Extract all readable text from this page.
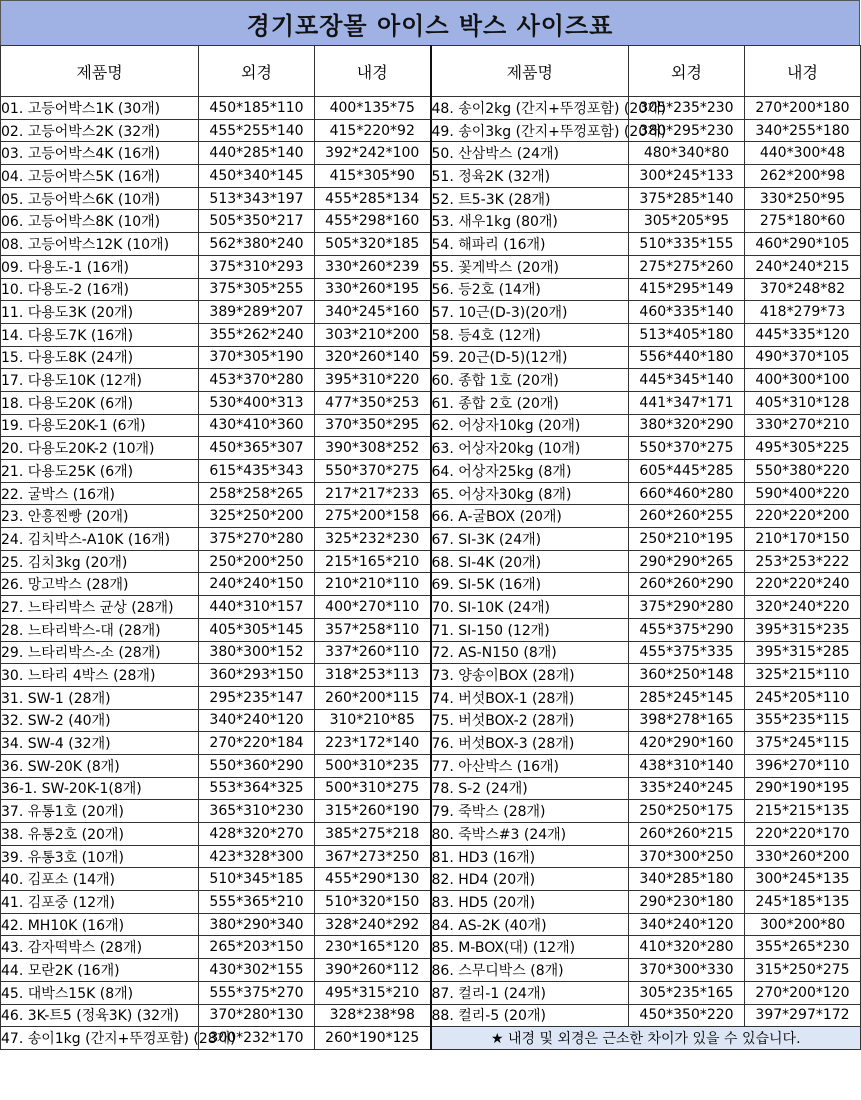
경기포장몰 아이스 박스 사이즈표
제품명	외경	내경	제품명	외경	내경
01. 고등어박스1K (30개)	450*185*110	400*135*75	48. 송이2kg (간지+뚜껑포함) (20개)	305*235*230	270*200*180
02. 고등어박스2K (32개)	455*255*140	415*220*92	49. 송이3kg (간지+뚜껑포함) (20개)	380*295*230	340*255*180
03. 고등어박스4K (16개)	440*285*140	392*242*100	50. 산삼박스 (24개)	480*340*80	440*300*48
04. 고등어박스5K (16개)	450*340*145	415*305*90	51. 정육2K (32개)	300*245*133	262*200*98
05. 고등어박스6K (10개)	513*343*197	455*285*134	52. 트5-3K (28개)	375*285*140	330*250*95
06. 고등어박스8K (10개)	505*350*217	455*298*160	53. 새우1kg (80개)	305*205*95	275*180*60
08. 고등어박스12K (10개)	562*380*240	505*320*185	54. 해파리 (16개)	510*335*155	460*290*105
09. 다용도-1 (16개)	375*310*293	330*260*239	55. 꽃게박스 (20개)	275*275*260	240*240*215
10. 다용도-2 (16개)	375*305*255	330*260*195	56. 등2호 (14개)	415*295*149	370*248*82
11. 다용도3K (20개)	389*289*207	340*245*160	57. 10근(D-3)(20개)	460*335*140	418*279*73
14. 다용도7K (16개)	355*262*240	303*210*200	58. 등4호 (12개)	513*405*180	445*335*120
15. 다용도8K (24개)	370*305*190	320*260*140	59. 20근(D-5)(12개)	556*440*180	490*370*105
17. 다용도10K (12개)	453*370*280	395*310*220	60. 종합 1호 (20개)	445*345*140	400*300*100
18. 다용도20K (6개)	530*400*313	477*350*253	61. 종합 2호 (20개)	441*347*171	405*310*128
19. 다용도20K-1 (6개)	430*410*360	370*350*295	62. 어상자10kg (20개)	380*320*290	330*270*210
20. 다용도20K-2 (10개)	450*365*307	390*308*252	63. 어상자20kg (10개)	550*370*275	495*305*225
21. 다용도25K (6개)	615*435*343	550*370*275	64. 어상자25kg (8개)	605*445*285	550*380*220
22. 굴박스 (16개)	258*258*265	217*217*233	65. 어상자30kg (8개)	660*460*280	590*400*220
23. 안흥찐빵 (20개)	325*250*200	275*200*158	66. A-굴BOX (20개)	260*260*255	220*220*200
24. 김치박스-A10K (16개)	375*270*280	325*232*230	67. SI-3K (24개)	250*210*195	210*170*150
25. 김치3kg (20개)	250*200*250	215*165*210	68. SI-4K (20개)	290*290*265	253*253*222
26. 망고박스 (28개)	240*240*150	210*210*110	69. SI-5K (16개)	260*260*290	220*220*240
27. 느타리박스 균상 (28개)	440*310*157	400*270*110	70. SI-10K (24개)	375*290*280	320*240*220
28. 느타리박스-대 (28개)	405*305*145	357*258*110	71. SI-150 (12개)	455*375*290	395*315*235
29. 느타리박스-소 (28개)	380*300*152	337*260*110	72. AS-N150 (8개)	455*375*335	395*315*285
30. 느타리 4박스 (28개)	360*293*150	318*253*113	73. 양송이BOX (28개)	360*250*148	325*215*110
31. SW-1 (28개)	295*235*147	260*200*115	74. 버섯BOX-1 (28개)	285*245*145	245*205*110
32. SW-2 (40개)	340*240*120	310*210*85	75. 버섯BOX-2 (28개)	398*278*165	355*235*115
34. SW-4 (32개)	270*220*184	223*172*140	76. 버섯BOX-3 (28개)	420*290*160	375*245*115
36. SW-20K (8개)	550*360*290	500*310*235	77. 아산박스 (16개)	438*310*140	396*270*110
36-1. SW-20K-1(8개)	553*364*325	500*310*275	78. S-2 (24개)	335*240*245	290*190*195
37. 유통1호 (20개)	365*310*230	315*260*190	79. 죽박스 (28개)	250*250*175	215*215*135
38. 유통2호 (20개)	428*320*270	385*275*218	80. 죽박스#3 (24개)	260*260*215	220*220*170
39. 유통3호 (10개)	423*328*300	367*273*250	81. HD3 (16개)	370*300*250	330*260*200
40. 김포소 (14개)	510*345*185	455*290*130	82. HD4 (20개)	340*285*180	300*245*135
41. 김포중 (12개)	555*365*210	510*320*150	83. HD5 (20개)	290*230*180	245*185*135
42. MH10K (16개)	380*290*340	328*240*292	84. AS-2K (40개)	340*240*120	300*200*80
43. 감자떡박스 (28개)	265*203*150	230*165*120	85. M-BOX(대) (12개)	410*320*280	355*265*230
44. 모란2K (16개)	430*302*155	390*260*112	86. 스무디박스 (8개)	370*300*330	315*250*275
45. 대박스15K (8개)	555*375*270	495*315*210	87. 컬리-1 (24개)	305*235*165	270*200*120
46. 3K-트5 (정육3K) (32개)	370*280*130	328*238*98	88. 컬리-5 (20개)	450*350*220	397*297*172
47. 송이1kg (간지+뚜껑포함) (28개)	300*232*170	260*190*125	★ 내경 및 외경은 근소한 차이가 있을 수 있습니다.		
